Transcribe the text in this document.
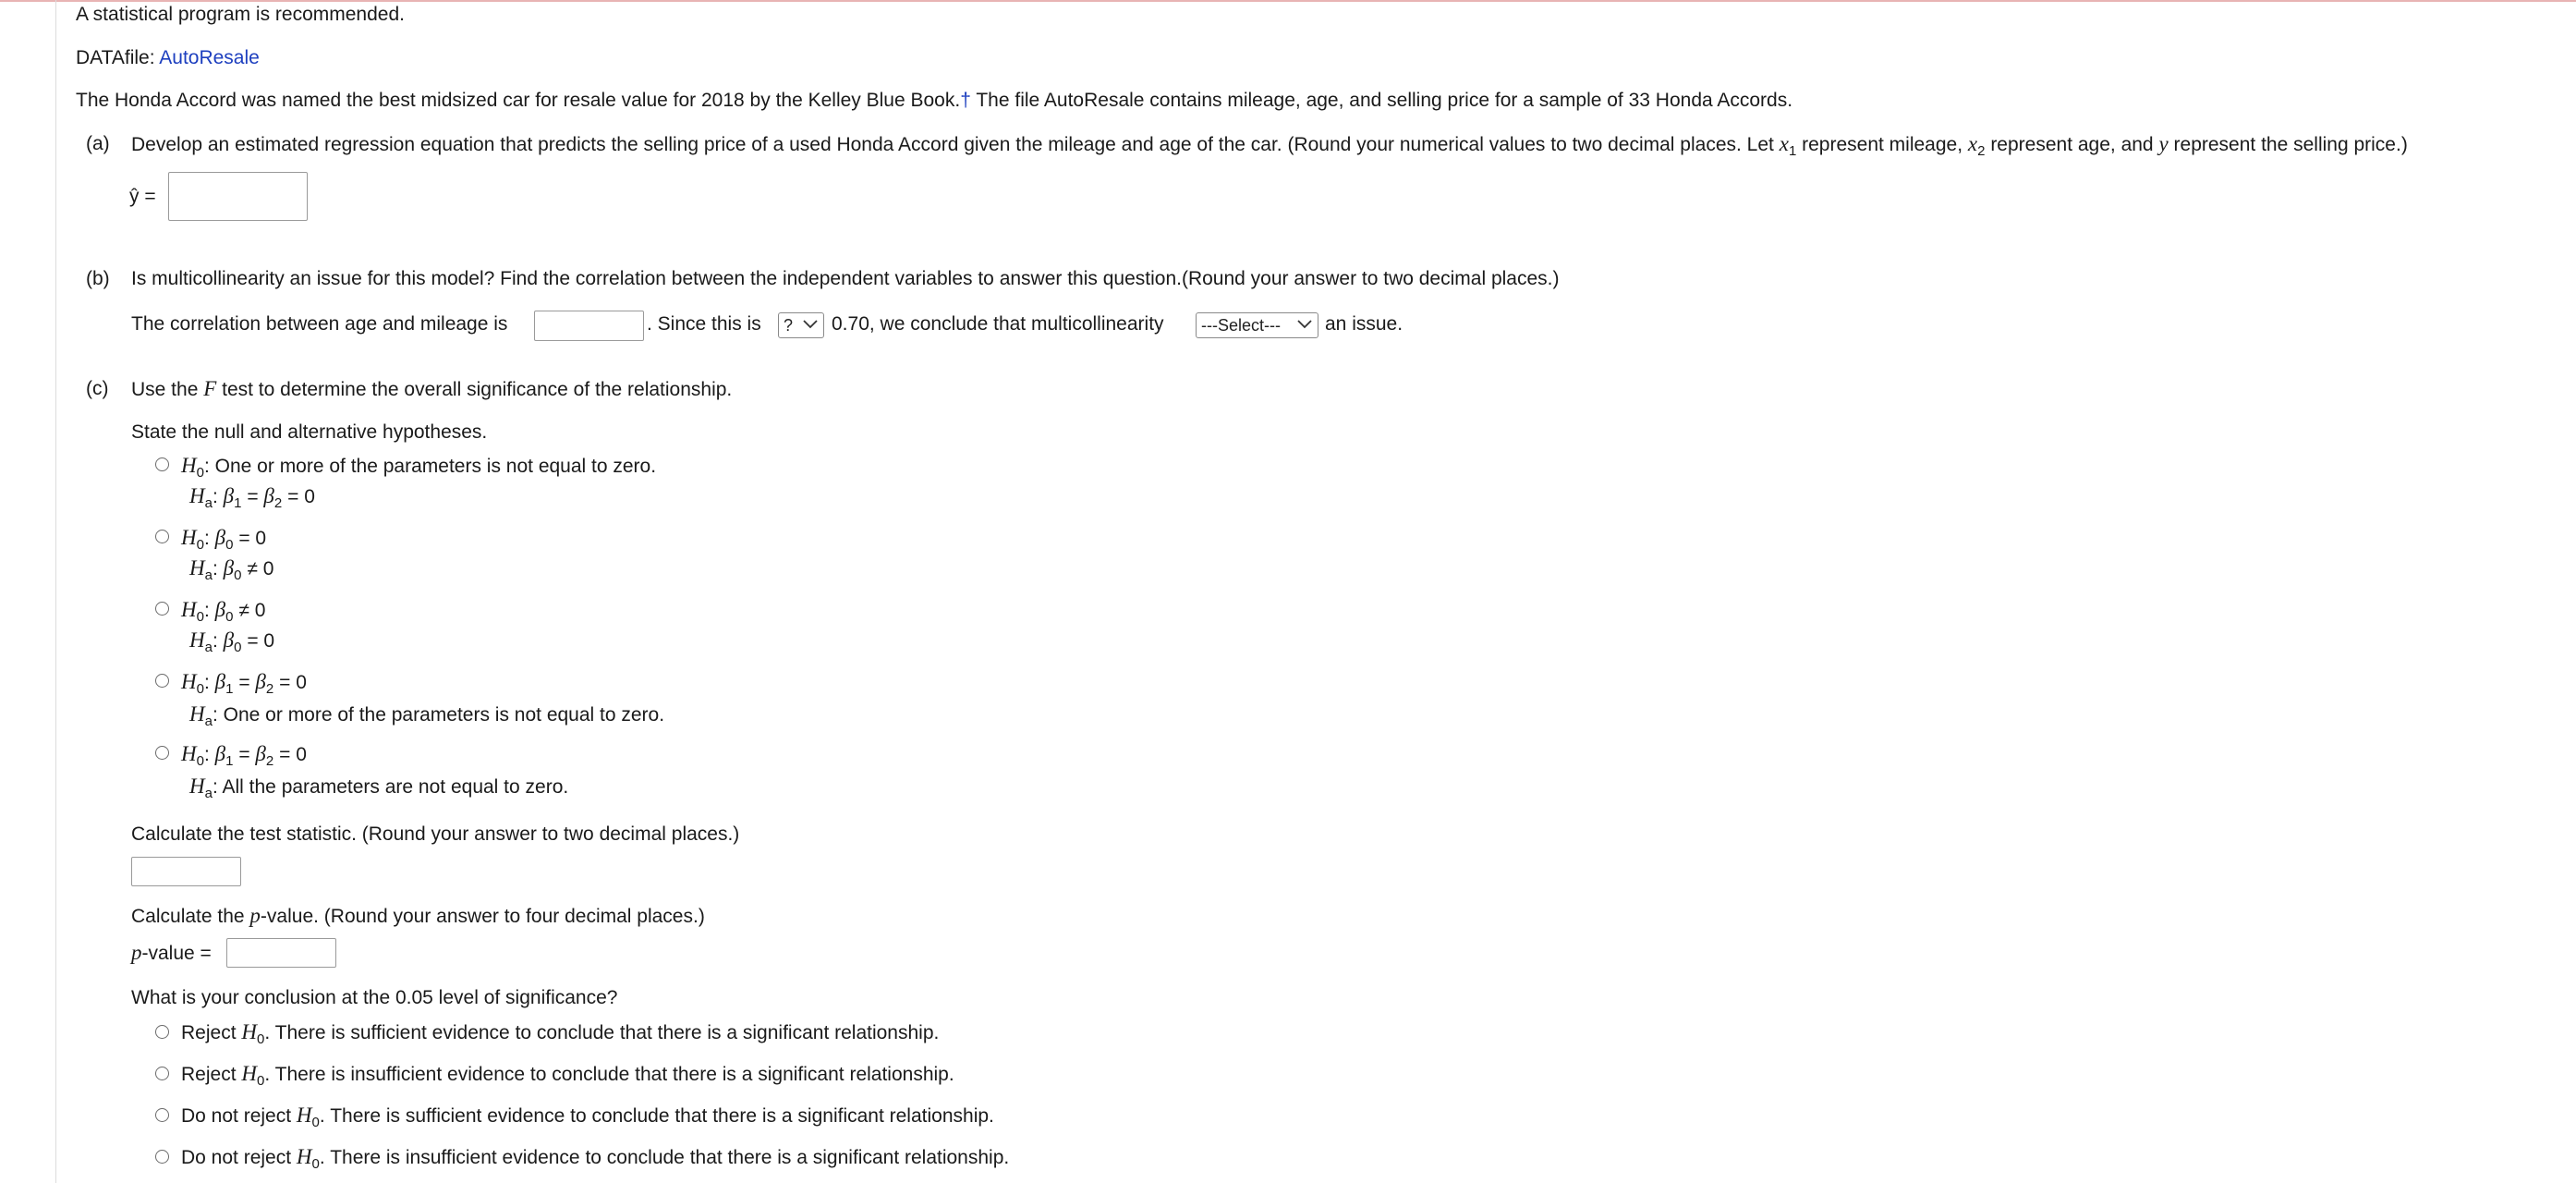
A statistical program is recommended.
DATAfile: AutoResale
The Honda Accord was named the best midsized car for resale value for 2018 by the Kelley Blue Book.† The file AutoResale contains mileage, age, and selling price for a sample of 33 Honda Accords.
(a) Develop an estimated regression equation that predicts the selling price of a used Honda Accord given the mileage and age of the car. (Round your numerical values to two decimal places. Let $x_1$ represent mileage, $x_2$ represent age, and y represent the selling price.)
ŷ =
(b) Is multicollinearity an issue for this model? Find the correlation between the independent variables to answer this question.(Round your answer to two decimal places.)
The correlation between age and mileage is	. Since this is	?	0.70, we conclude that multicollinearity	---Select---	an issue.
(c) Use the F test to determine the overall significance of the relationship.
State the null and alternative hypotheses.
$H_0$: One or more of the parameters is not equal to zero.
$H_a$: $\beta_1 = \beta_2 = 0$
$H_0$: $\beta_0 = 0$
$H_a$: $\beta_0 \ne 0$
$H_0$: $\beta_0 \ne 0$
$H_a$: $\beta_0 = 0$
$H_0$: $\beta_1 = \beta_2 = 0$
$H_a$: One or more of the parameters is not equal to zero.
$H_0$: $\beta_1 = \beta_2 = 0$
$H_a$: All the parameters are not equal to zero.
Calculate the test statistic. (Round your answer to two decimal places.)
Calculate the p-value. (Round your answer to four decimal places.)
p-value =
What is your conclusion at the 0.05 level of significance?
Reject $H_0$. There is sufficient evidence to conclude that there is a significant relationship.
Reject $H_0$. There is insufficient evidence to conclude that there is a significant relationship.
Do not reject $H_0$. There is sufficient evidence to conclude that there is a significant relationship.
Do not reject $H_0$. There is insufficient evidence to conclude that there is a significant relationship.
